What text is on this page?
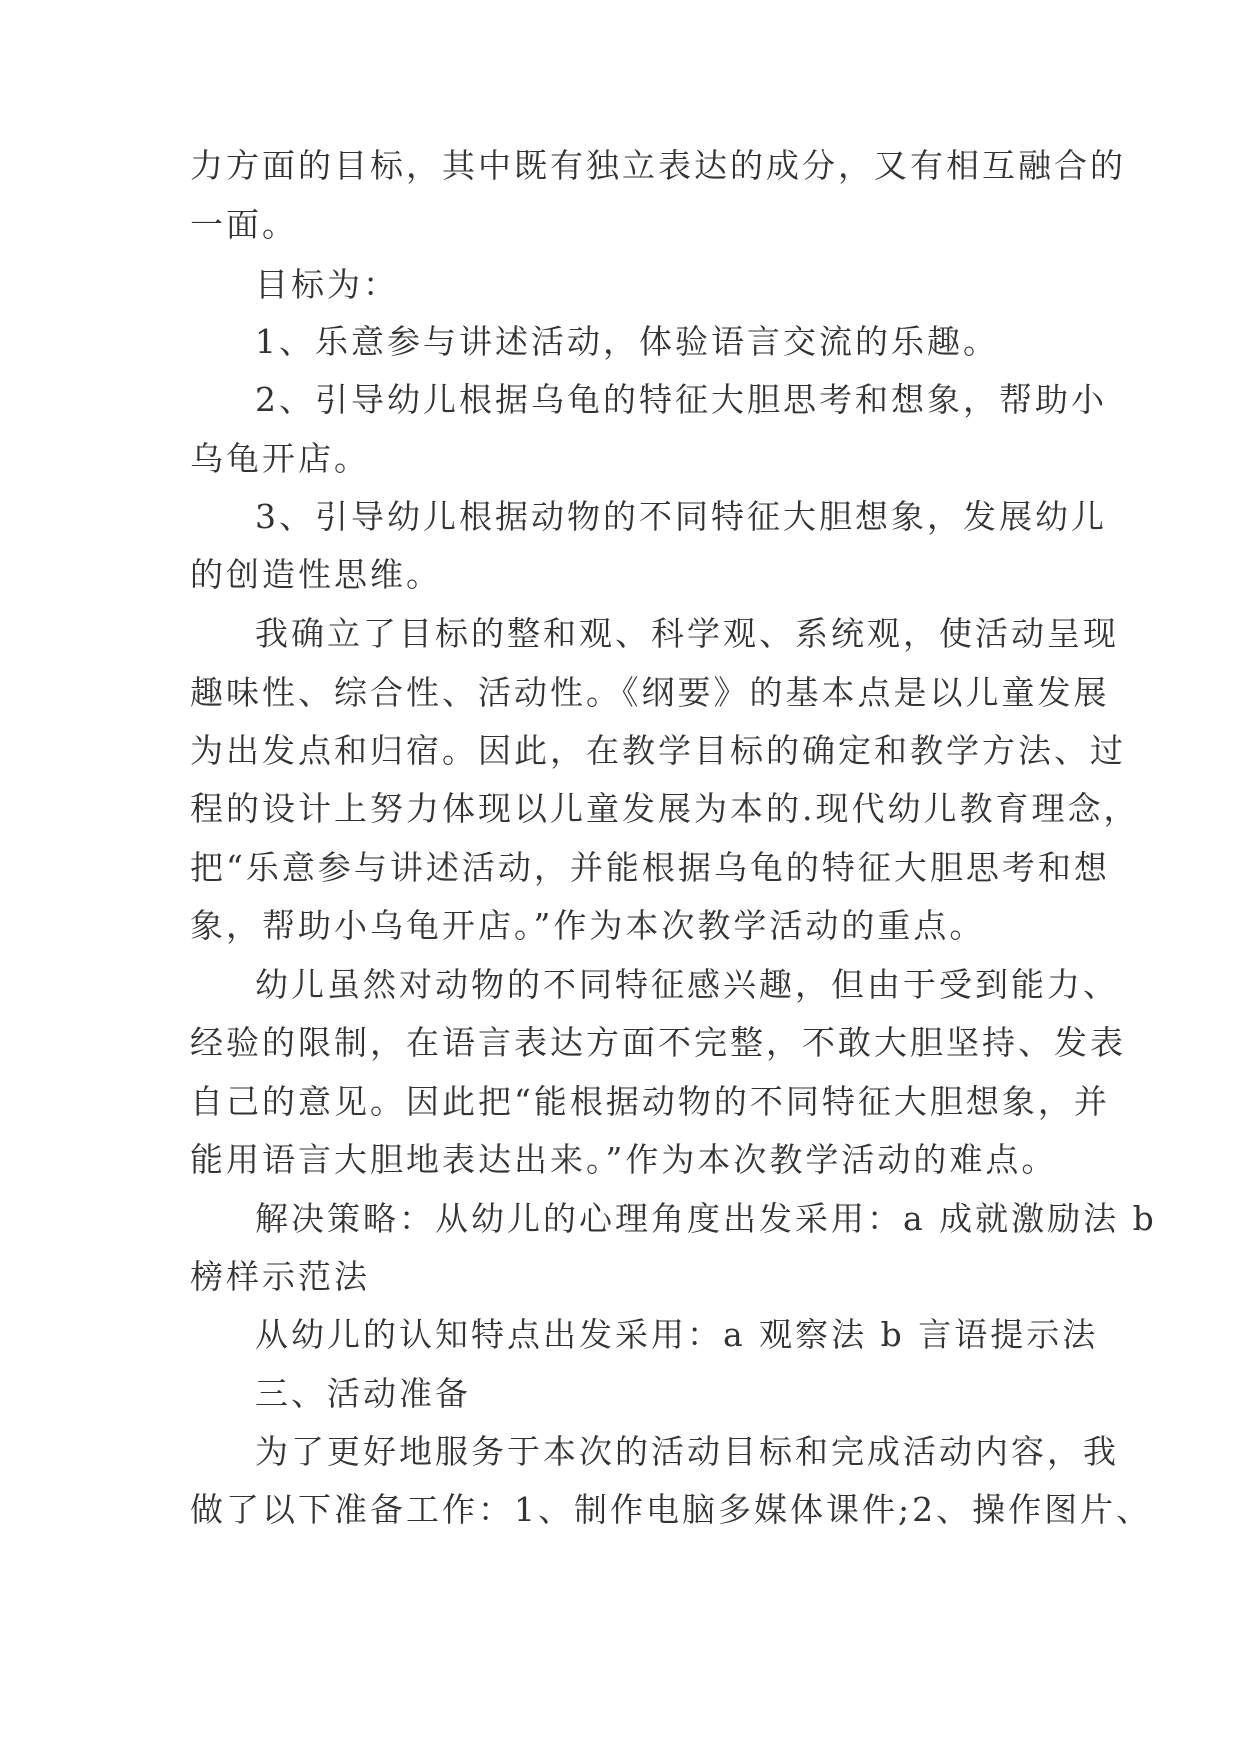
力方面的目标，其中既有独立表达的成分，又有相互融合的
一面。
目标为：
1、乐意参与讲述活动，体验语言交流的乐趣。
2、引导幼儿根据乌龟的特征大胆思考和想象，帮助小
乌龟开店。
3、引导幼儿根据动物的不同特征大胆想象，发展幼儿
的创造性思维。
我确立了目标的整和观、科学观、系统观，使活动呈现
趣味性、综合性、活动性。《纲要》的基本点是以儿童发展
为出发点和归宿。因此，在教学目标的确定和教学方法、过
程的设计上努力体现以儿童发展为本的.现代幼儿教育理念，
把“乐意参与讲述活动，并能根据乌龟的特征大胆思考和想
象，帮助小乌龟开店。”作为本次教学活动的重点。
幼儿虽然对动物的不同特征感兴趣，但由于受到能力、
经验的限制，在语言表达方面不完整，不敢大胆坚持、发表
自己的意见。因此把“能根据动物的不同特征大胆想象，并
能用语言大胆地表达出来。”作为本次教学活动的难点。
解决策略：从幼儿的心理角度出发采用：a 成就激励法 b
榜样示范法
从幼儿的认知特点出发采用：a 观察法 b 言语提示法
三、活动准备
为了更好地服务于本次的活动目标和完成活动内容，我
做了以下准备工作：1、制作电脑多媒体课件;2、操作图片、
